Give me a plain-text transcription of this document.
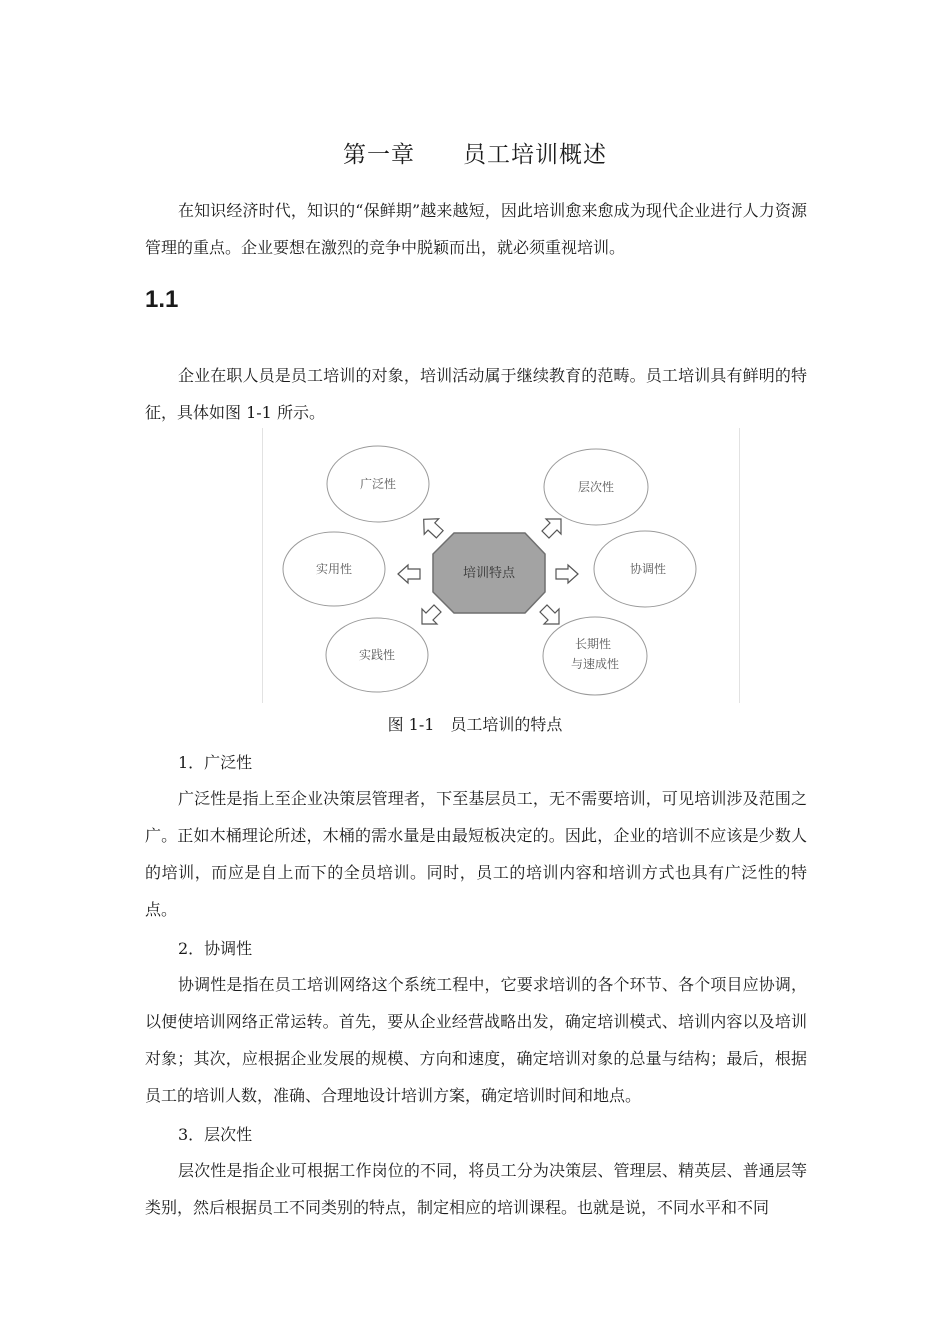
第一章　　员工培训概述

在知识经济时代，知识的“保鲜期”越来越短，因此培训愈来愈成为现代企业进行人力资源管理的重点。企业要想在激烈的竞争中脱颖而出，就必须重视培训。

1.1

企业在职人员是员工培训的对象，培训活动属于继续教育的范畴。员工培训具有鲜明的特征，具体如图 1-1 所示。

培训特点
广泛性	层次性
实用性	协调性
实践性
长期性
与速成性
图 1-1　员工培训的特点
1．广泛性

广泛性是指上至企业决策层管理者，下至基层员工，无不需要培训，可见培训涉及范围之广。正如木桶理论所述，木桶的需水量是由最短板决定的。因此，企业的培训不应该是少数人的培训，而应是自上而下的全员培训。同时，员工的培训内容和培训方式也具有广泛性的特点。

2．协调性

协调性是指在员工培训网络这个系统工程中，它要求培训的各个环节、各个项目应协调，以便使培训网络正常运转。首先，要从企业经营战略出发，确定培训模式、培训内容以及培训对象；其次，应根据企业发展的规模、方向和速度，确定培训对象的总量与结构；最后，根据员工的培训人数，准确、合理地设计培训方案，确定培训时间和地点。

3．层次性

层次性是指企业可根据工作岗位的不同，将员工分为决策层、管理层、精英层、普通层等类别，然后根据员工不同类别的特点，制定相应的培训课程。也就是说，不同水平和不同
